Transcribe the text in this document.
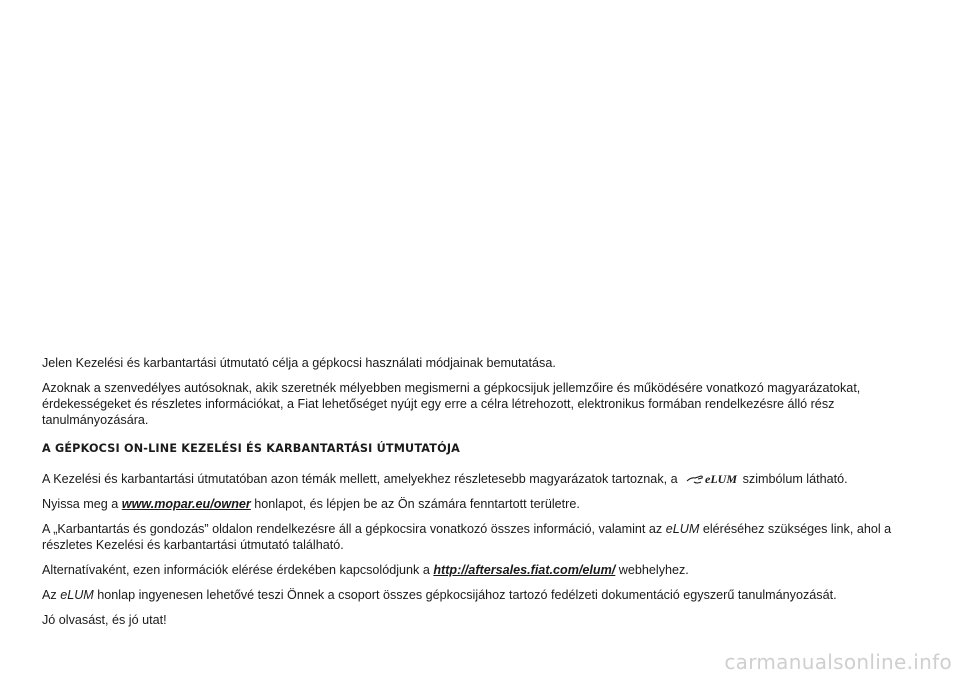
Jelen Kezelési és karbantartási útmutató célja a gépkocsi használati módjainak bemutatása.

Azoknak a szenvedélyes autósoknak, akik szeretnék mélyebben megismerni a gépkocsijuk jellemzőire és működésére vonatkozó magyarázatokat, érdekességeket és részletes információkat, a Fiat lehetőséget nyújt egy erre a célra létrehozott, elektronikus formában rendelkezésre álló rész tanulmányozására.

A GÉPKOCSI ON-LINE KEZELÉSI ÉS KARBANTARTÁSI ÚTMUTATÓJA

A Kezelési és karbantartási útmutatóban azon témák mellett, amelyekhez részletesebb magyarázatok tartoznak, a eLUM szimbólum látható.

Nyissa meg a www.mopar.eu/owner honlapot, és lépjen be az Ön számára fenntartott területre.

A „Karbantartás és gondozás” oldalon rendelkezésre áll a gépkocsira vonatkozó összes információ, valamint az eLUM eléréséhez szükséges link, ahol a részletes Kezelési és karbantartási útmutató található.

Alternatívaként, ezen információk elérése érdekében kapcsolódjunk a http://aftersales.fiat.com/elum/ webhelyhez.

Az eLUM honlap ingyenesen lehetővé teszi Önnek a csoport összes gépkocsijához tartozó fedélzeti dokumentáció egyszerű tanulmányozását.

Jó olvasást, és jó utat!

carmanualsonline.info
